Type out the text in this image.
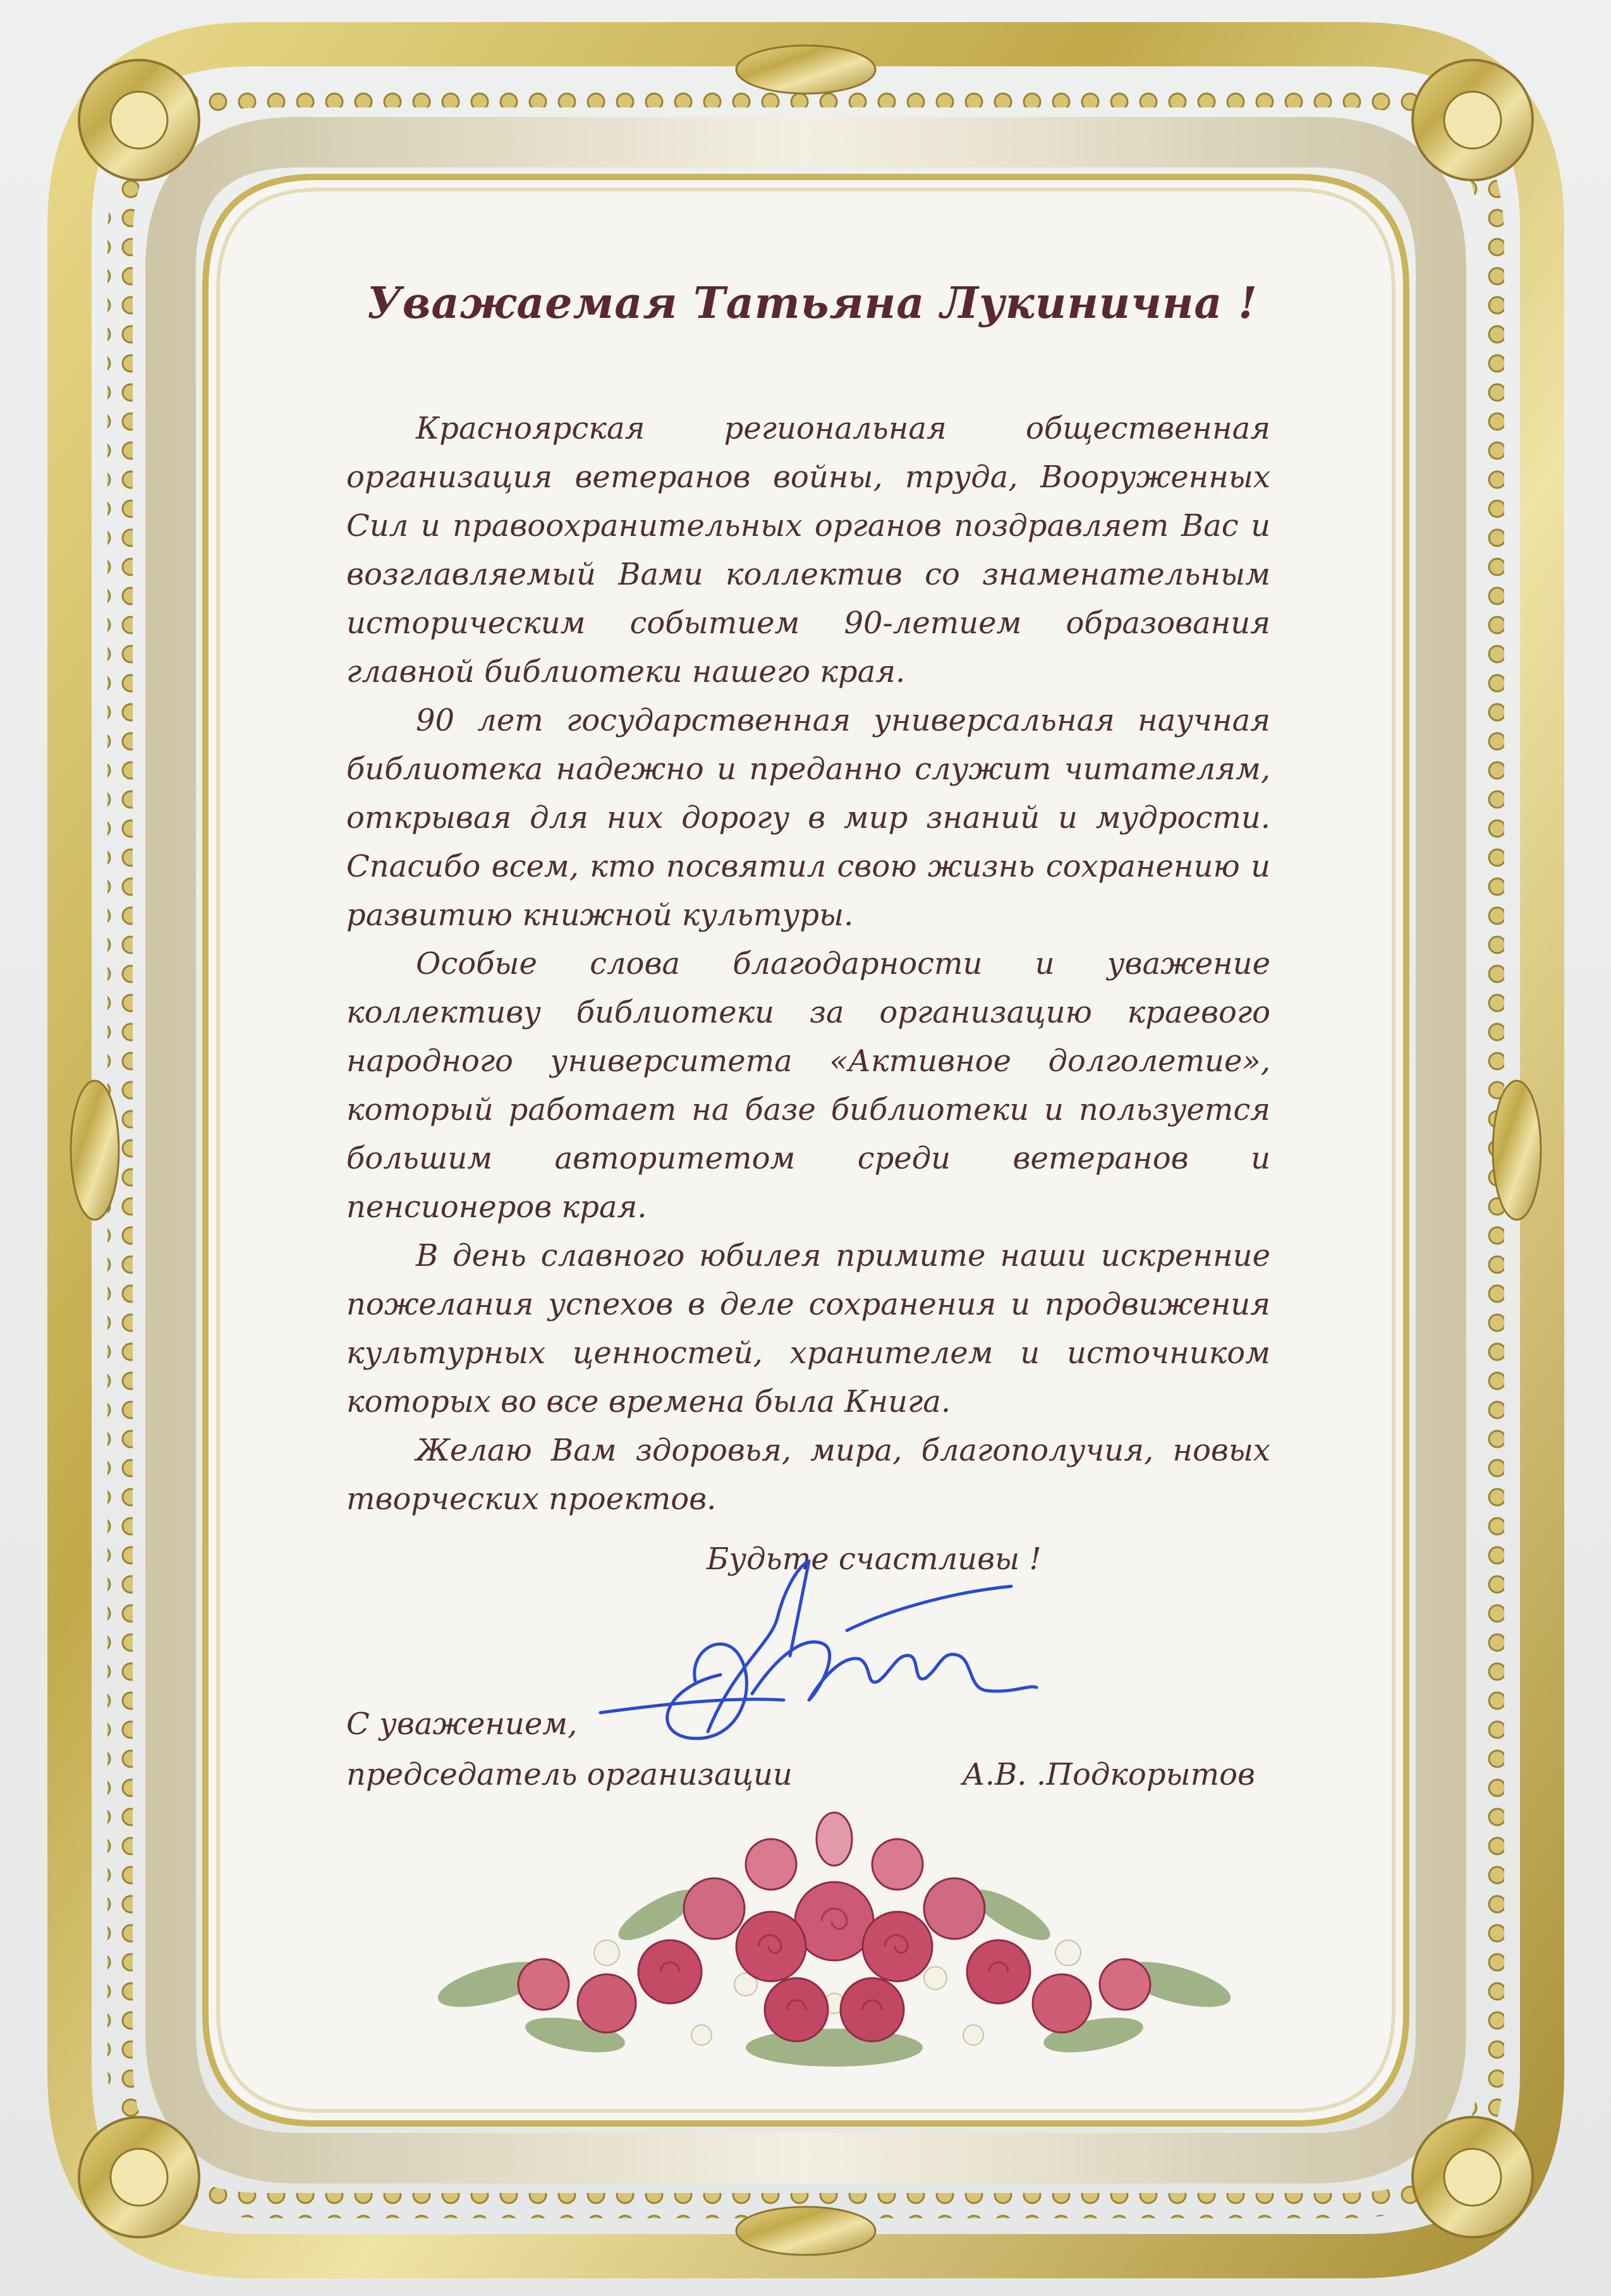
Уважаемая Татьяна Лукинична !

Красноярская региональная общественная организация ветеранов войны, труда, Вооруженных Сил и правоохранительных органов поздравляет Вас и возглавляемый Вами коллектив со знаменательным историческим событием 90-летием образования главной библиотеки нашего края.

90 лет государственная универсальная научная библиотека надежно и преданно служит читателям, открывая для них дорогу в мир знаний и мудрости. Спасибо всем, кто посвятил свою жизнь сохранению и развитию книжной культуры.

Особые слова благодарности и уважение коллективу библиотеки за организацию краевого народного университета «Активное долголетие», который работает на базе библиотеки и пользуется большим авторитетом среди ветеранов и пенсионеров края.

В день славного юбилея примите наши искренние пожелания успехов в деле сохранения и продвижения культурных ценностей, хранителем и источником которых во все времена была Книга.

Желаю Вам здоровья, мира, благополучия, новых творческих проектов.

Будьте счастливы !

С уважением,
председатель организации	А.В. .Подкорытов
